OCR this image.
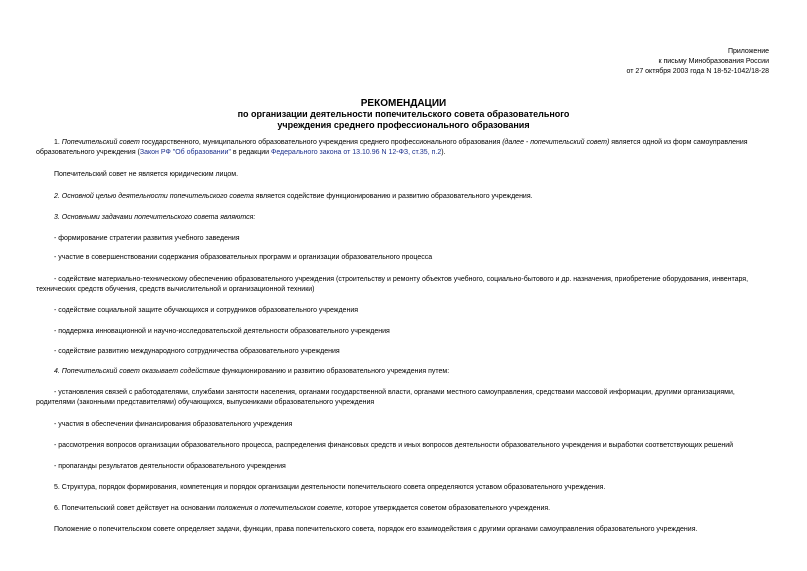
Приложение
к письму Минобразования России
от 27 октября 2003 года N 18-52-1042/18-28
РЕКОМЕНДАЦИИ
по организации деятельности попечительского совета образовательного
учреждения среднего профессионального образования

1. Попечительский совет государственного, муниципального образовательного учреждения среднего профессионального образования (далее - попечительский совет) является одной из форм самоуправления образовательного учреждения (Закон РФ "Об образовании" в редакции Федерального закона от 13.10.96 N 12-ФЗ, ст.35, п.2).

Попечительский совет не является юридическим лицом.

2. Основной целью деятельности попечительского совета является содействие функционированию и развитию образовательного учреждения.

3. Основными задачами попечительского совета являются:

- формирование стратегии развития учебного заведения

- участие в совершенствовании содержания образовательных программ и организации образовательного процесса

- содействие материально-техническому обеспечению образовательного учреждения (строительству и ремонту объектов учебного, социально-бытового и др. назначения, приобретение оборудования, инвентаря, технических средств обучения, средств вычислительной и организационной техники)

- содействие социальной защите обучающихся и сотрудников образовательного учреждения

- поддержка инновационной и научно-исследовательской деятельности образовательного учреждения

- содействие развитию международного сотрудничества образовательного учреждения

4. Попечительский совет оказывает содействие функционированию и развитию образовательного учреждения путем:

- установления связей с работодателями, службами занятости населения, органами государственной власти, органами местного самоуправления, средствами массовой информации, другими организациями, родителями (законными представителями) обучающихся, выпускниками образовательного учреждения

- участия в обеспечении финансирования образовательного учреждения

- рассмотрения вопросов организации образовательного процесса, распределения финансовых средств и иных вопросов деятельности образовательного учреждения и выработки соответствующих решений

- пропаганды результатов деятельности образовательного учреждения

5. Структура, порядок формирования, компетенция и порядок организации деятельности попечительского совета определяются уставом образовательного учреждения.

6. Попечительский совет действует на основании положения о попечительском совете, которое утверждается советом образовательного учреждения.

Положение о попечительском совете определяет задачи, функции, права попечительского совета, порядок его взаимодействия с другими органами самоуправления образовательного учреждения.
